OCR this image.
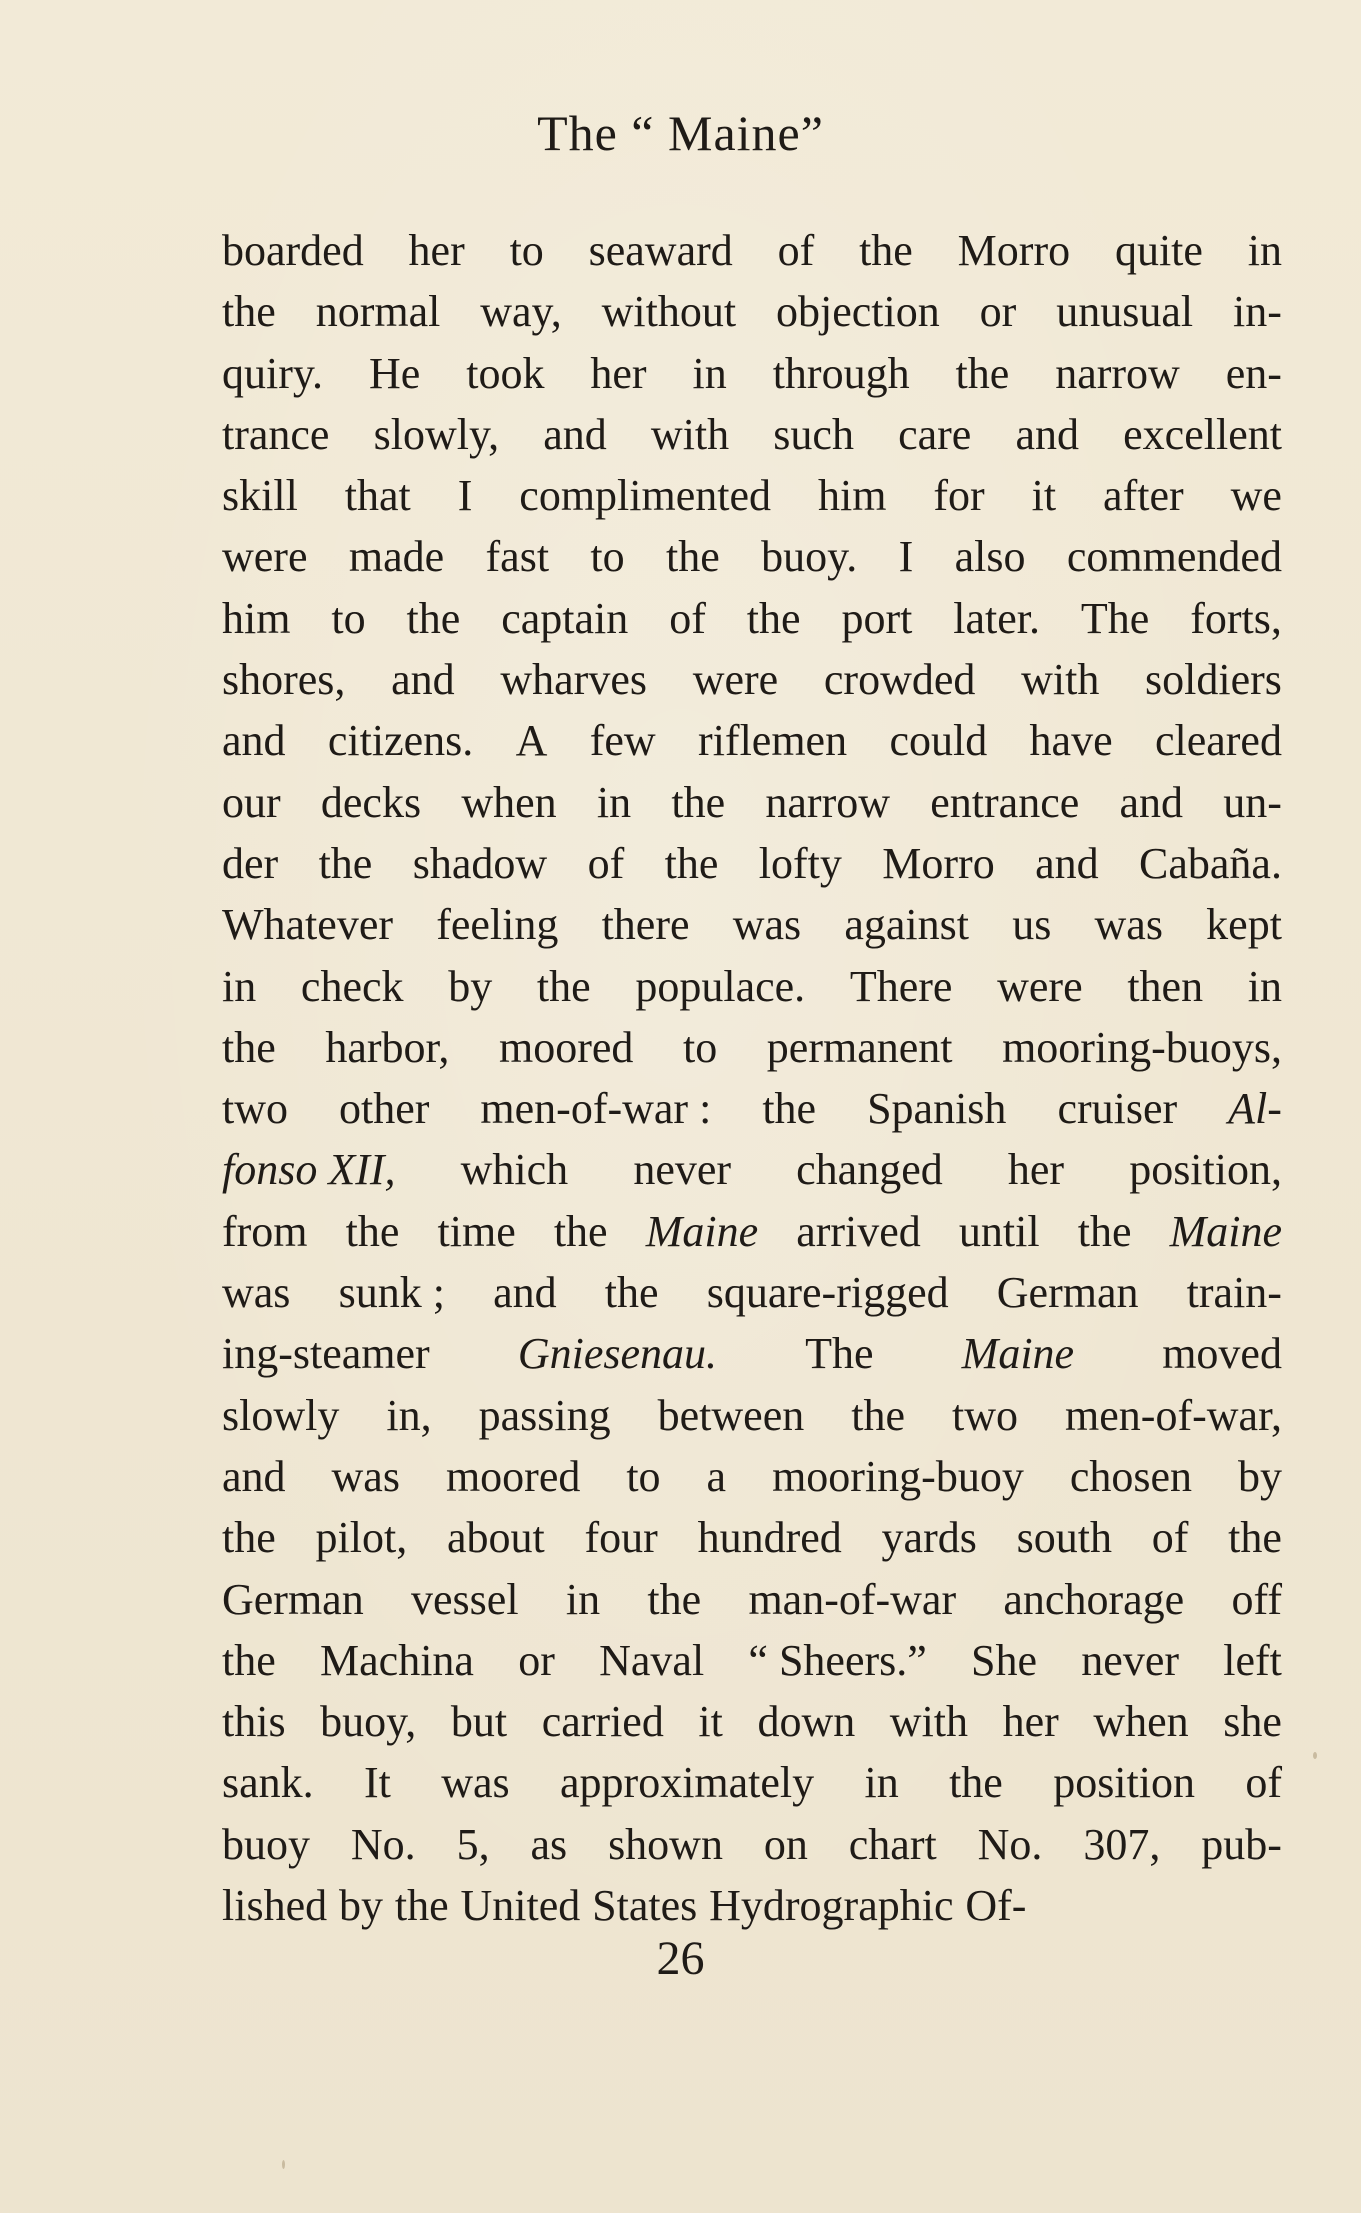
The “ Maine”
boarded her to seaward of the Morro quite in
the normal way, without objection or unusual in-
quiry. He took her in through the narrow en-
trance slowly, and with such care and excellent
skill that I complimented him for it after we
were made fast to the buoy. I also commended
him to the captain of the port later. The forts,
shores, and wharves were crowded with soldiers
and citizens. A few riflemen could have cleared
our decks when in the narrow entrance and un-
der the shadow of the lofty Morro and Cabaña.
Whatever feeling there was against us was kept
in check by the populace. There were then in
the harbor, moored to permanent mooring-buoys,
two other men-of-war : the Spanish cruiser Al-
fonso XII, which never changed her position,
from the time the Maine arrived until the Maine
was sunk ; and the square-rigged German train-
ing-steamer Gniesenau. The Maine moved
slowly in, passing between the two men-of-war,
and was moored to a mooring-buoy chosen by
the pilot, about four hundred yards south of the
German vessel in the man-of-war anchorage off
the Machina or Naval “ Sheers.” She never left
this buoy, but carried it down with her when she
sank. It was approximately in the position of
buoy No. 5, as shown on chart No. 307, pub-
lished by the United States Hydrographic Of-
26
